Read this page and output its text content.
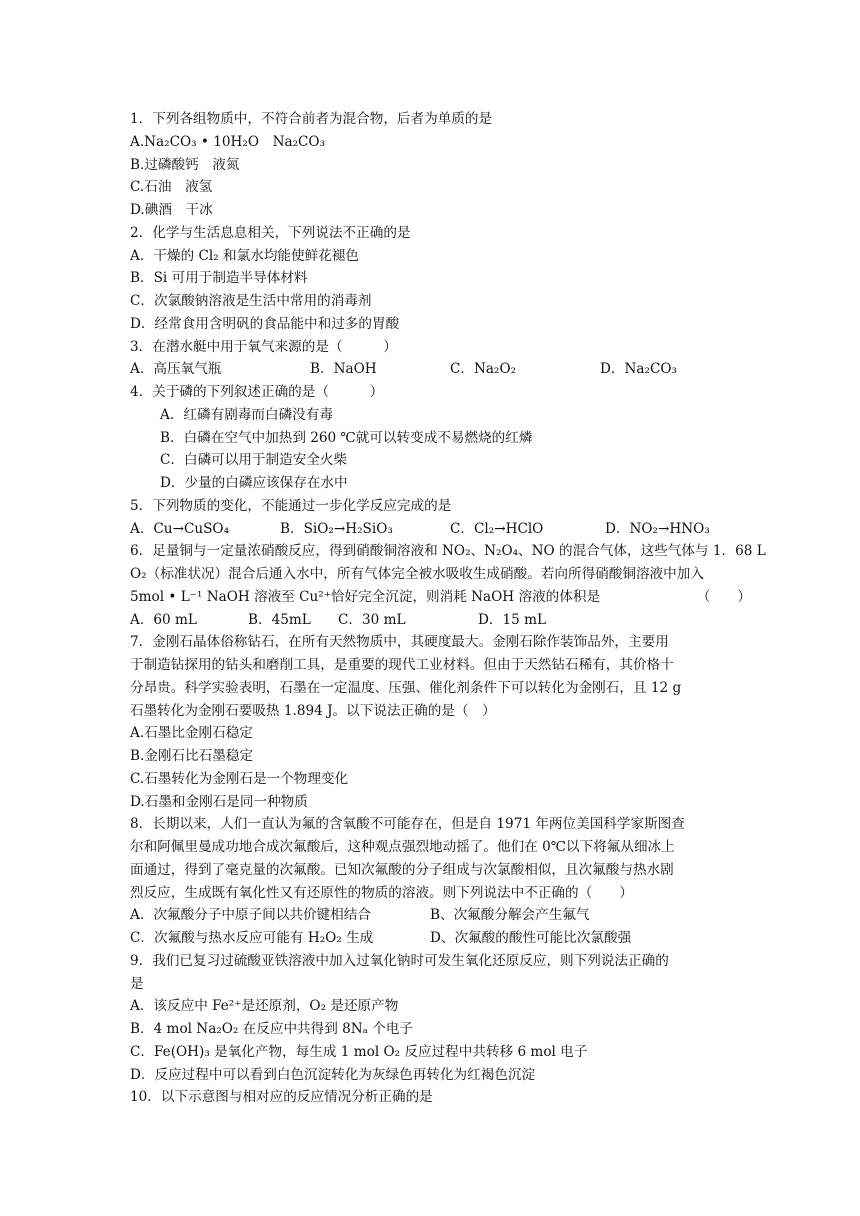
1．下列各组物质中，不符合前者为混合物，后者为单质的是
A.Na₂CO₃ • 10H₂O　Na₂CO₃
B.过磷酸钙　液氮
C.石油　液氢
D.碘酒　干冰
2．化学与生活息息相关，下列说法不正确的是
A．干燥的 Cl₂ 和氯水均能使鲜花褪色
B．Si 可用于制造半导体材料
C．次氯酸钠溶液是生活中常用的消毒剂
D．经常食用含明矾的食品能中和过多的胃酸
3．在潜水艇中用于氧气来源的是（　　　）
A．高压氧气瓶	B．NaOH	C．Na₂O₂	D．Na₂CO₃
4．关于磷的下列叙述正确的是（　　　）
A．红磷有剧毒而白磷没有毒
B．白磷在空气中加热到 260 ℃就可以转变成不易燃烧的红燐
C．白磷可以用于制造安全火柴
D．少量的白磷应该保存在水中
5．下列物质的变化，不能通过一步化学反应完成的是
A．Cu→CuSO₄	B．SiO₂→H₂SiO₃	C．Cl₂→HClO	D．NO₂→HNO₃
6．足量铜与一定量浓硝酸反应，得到硝酸铜溶液和 NO₂、N₂O₄、NO 的混合气体，这些气体与 1．68 L
O₂（标准状况）混合后通入水中，所有气体完全被水吸收生成硝酸。若向所得硝酸铜溶液中加入
5mol • L⁻¹ NaOH 溶液至 Cu²⁺恰好完全沉淀，则消耗 NaOH 溶液的体积是	（　　）
A．60 mL	B．45mL	C．30 mL	D．15 mL
7．金刚石晶体俗称钻石，在所有天然物质中，其硬度最大。金刚石除作装饰品外，主要用
于制造钻探用的钻头和磨削工具，是重要的现代工业材料。但由于天然钻石稀有，其价格十
分昂贵。科学实验表明，石墨在一定温度、压强、催化剂条件下可以转化为金刚石，且 12 g
石墨转化为金刚石要吸热 1.894 J。以下说法正确的是（　）
A.石墨比金刚石稳定
B.金刚石比石墨稳定
C.石墨转化为金刚石是一个物理变化
D.石墨和金刚石是同一种物质
8．长期以来，人们一直认为氟的含氧酸不可能存在，但是自 1971 年两位美国科学家斯图查
尔和阿佩里曼成功地合成次氟酸后，这种观点强烈地动摇了。他们在 0℃以下将氟从细冰上
面通过，得到了毫克量的次氟酸。已知次氟酸的分子组成与次氯酸相似，且次氟酸与热水剧
烈反应，生成既有氧化性又有还原性的物质的溶液。则下列说法中不正确的（　　）
A．次氟酸分子中原子间以共价键相结合	B、次氟酸分解会产生氟气
C．次氟酸与热水反应可能有 H₂O₂ 生成	D、次氟酸的酸性可能比次氯酸强
9．我们已复习过硫酸亚铁溶液中加入过氧化钠时可发生氧化还原反应，则下列说法正确的
是
A．该反应中 Fe²⁺是还原剂，O₂ 是还原产物
B．4 mol Na₂O₂ 在反应中共得到 8Nₐ 个电子
C．Fe(OH)₃ 是氧化产物，每生成 1 mol O₂ 反应过程中共转移 6 mol 电子
D．反应过程中可以看到白色沉淀转化为灰绿色再转化为红褐色沉淀
10．以下示意图与相对应的反应情况分析正确的是
